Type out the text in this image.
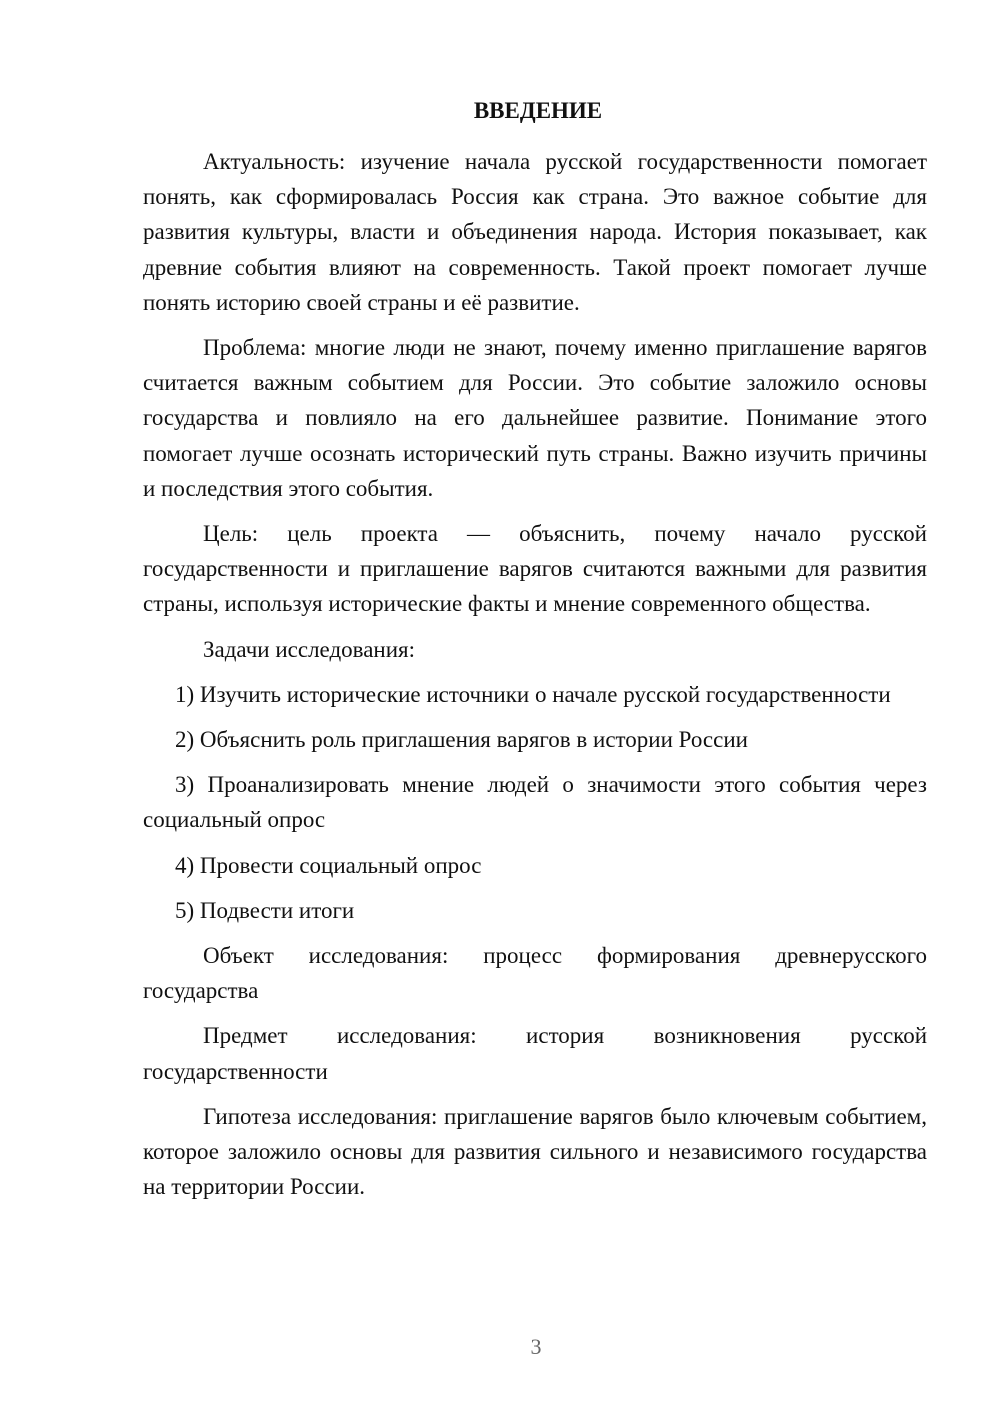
ВВЕДЕНИЕ

Актуальность: изучение начала русской государственности помогает понять, как сформировалась Россия как страна. Это важное событие для развития культуры, власти и объединения народа. История показывает, как древние события влияют на современность. Такой проект помогает лучше понять историю своей страны и её развитие.

Проблема: многие люди не знают, почему именно приглашение варягов считается важным событием для России. Это событие заложило основы государства и повлияло на его дальнейшее развитие. Понимание этого помогает лучше осознать исторический путь страны. Важно изучить причины и последствия этого события.

Цель: цель проекта — объяснить, почему начало русской государственности и приглашение варягов считаются важными для развития страны, используя исторические факты и мнение современного общества.

Задачи исследования:

1) Изучить исторические источники о начале русской государственности

2) Объяснить роль приглашения варягов в истории России

3) Проанализировать мнение людей о значимости этого события через социальный опрос

4) Провести социальный опрос

5) Подвести итоги

Объект исследования: процесс формирования древнерусского государства

Предмет исследования: история возникновения русской государственности

Гипотеза исследования: приглашение варягов было ключевым событием, которое заложило основы для развития сильного и независимого государства на территории России.

3
